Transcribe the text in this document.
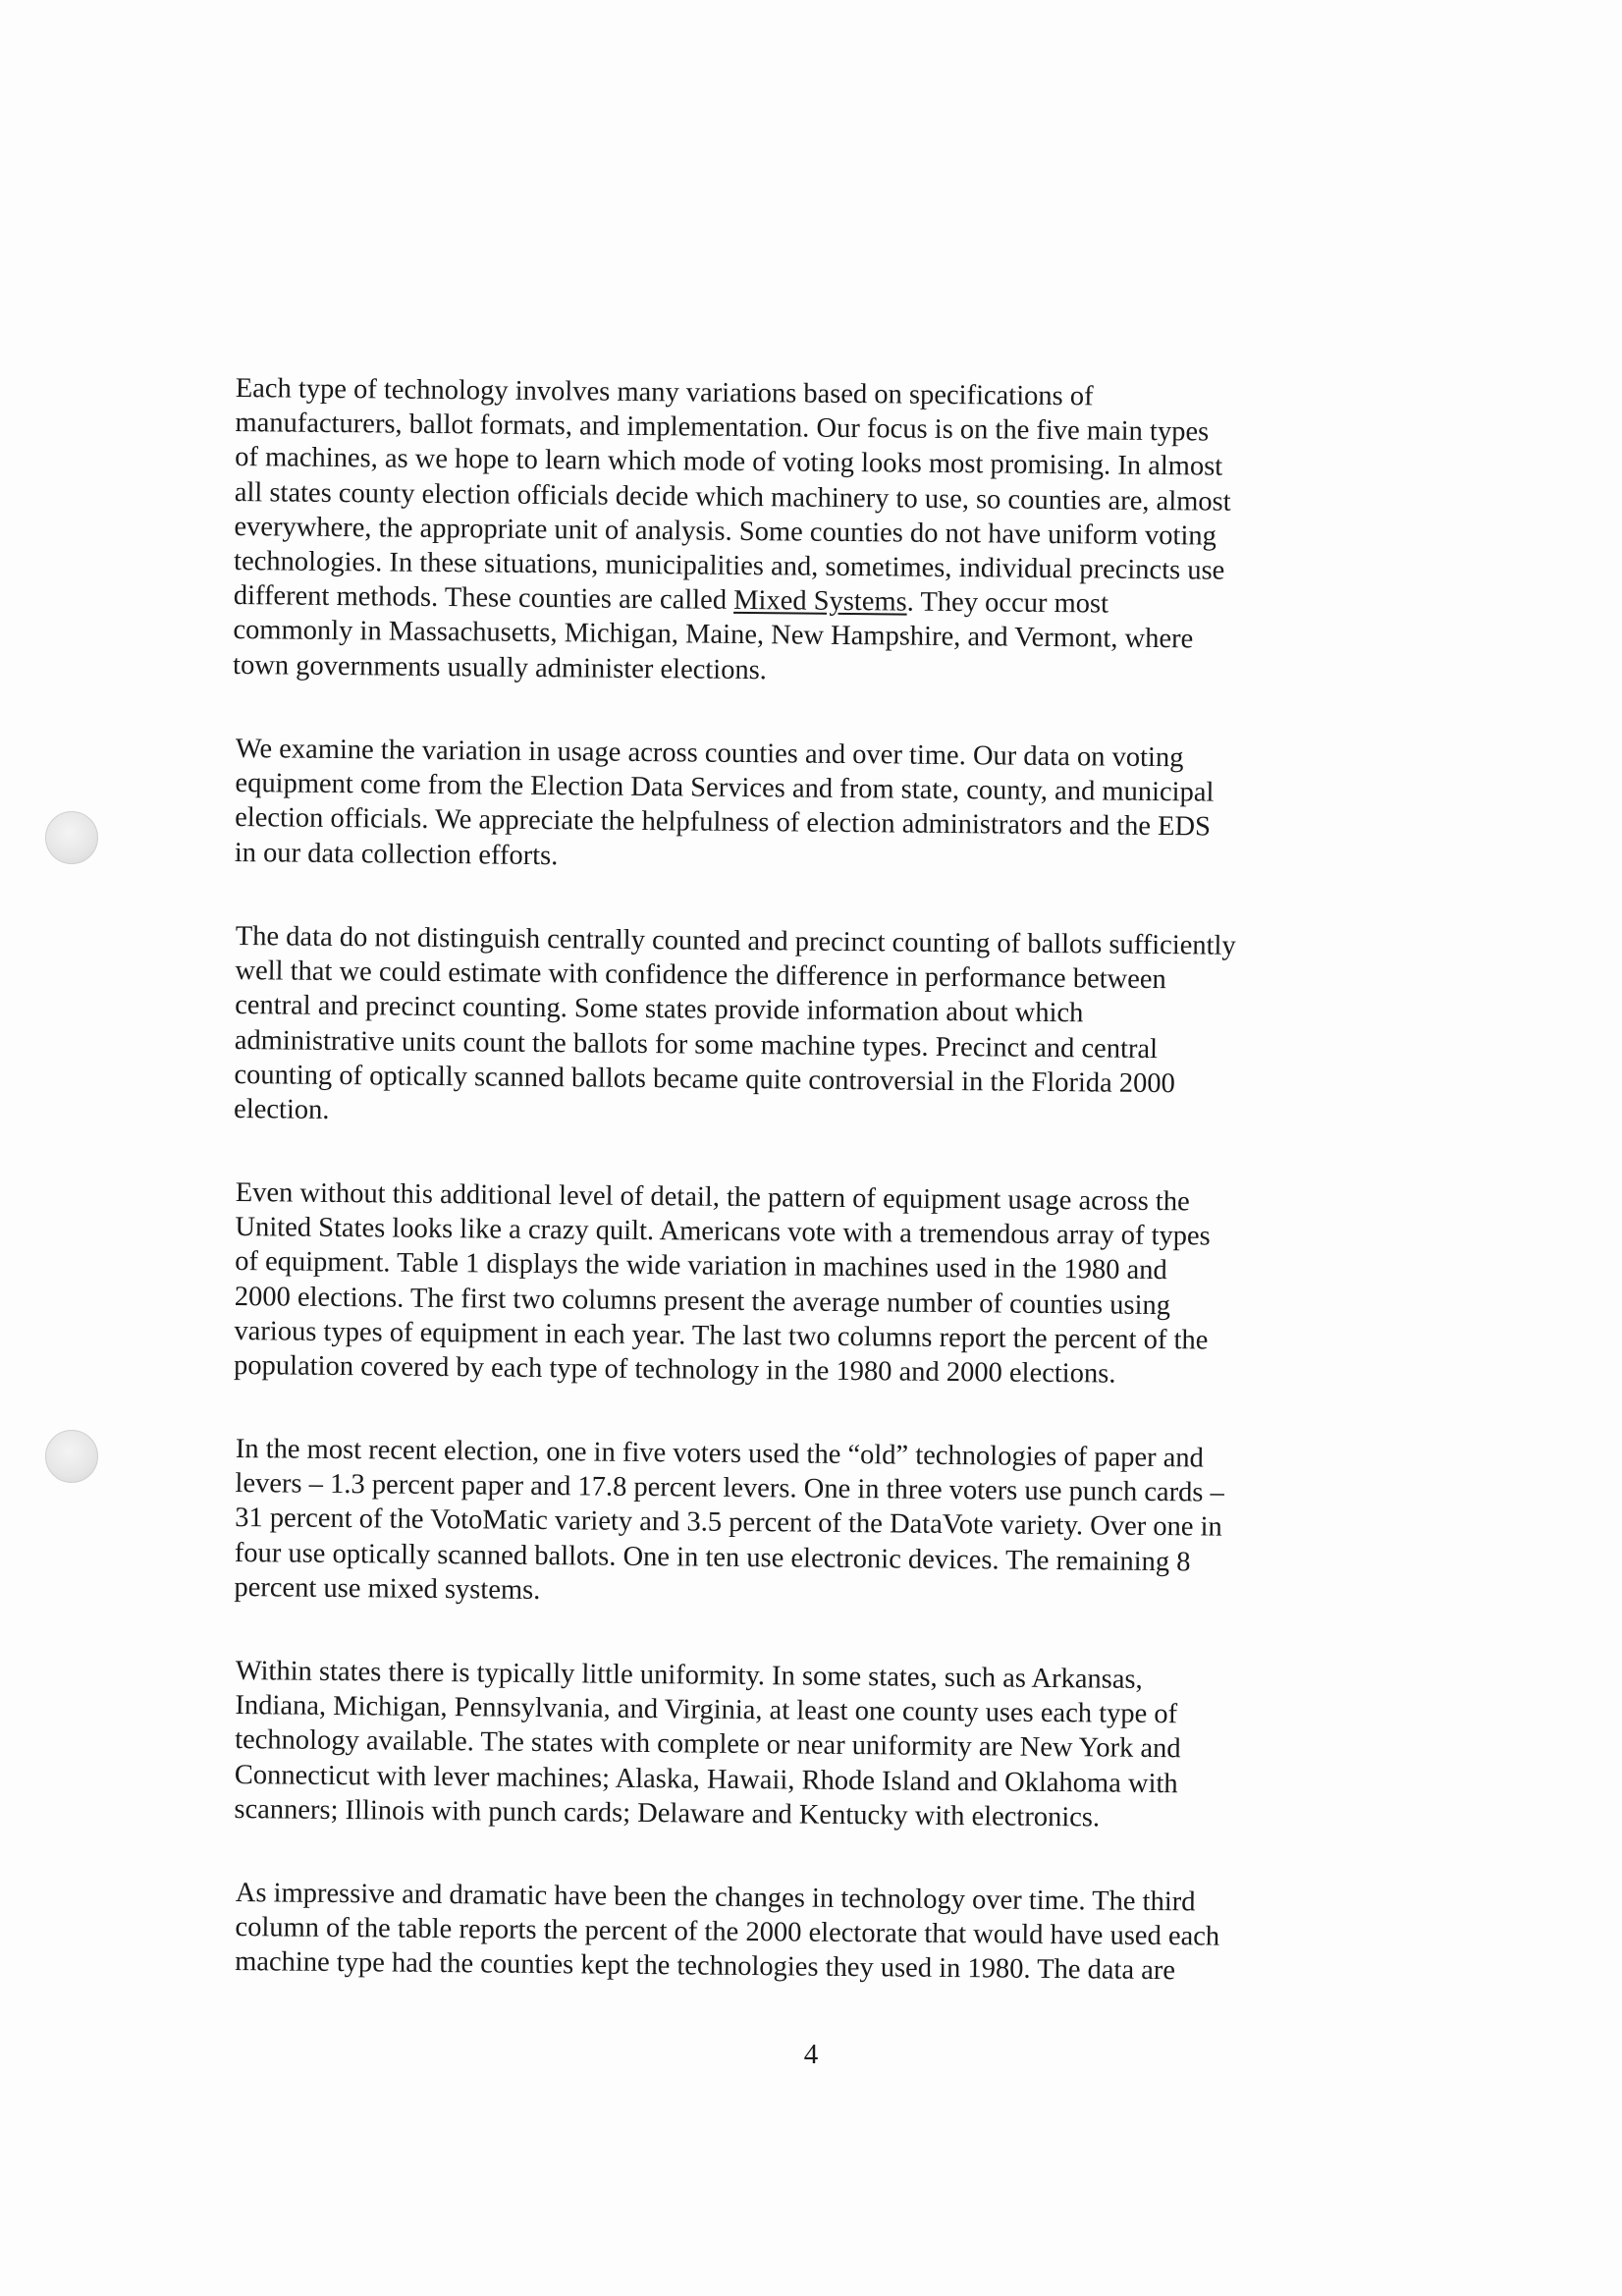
Each type of technology involves many variations based on specifications of
manufacturers, ballot formats, and implementation. Our focus is on the five main types
of machines, as we hope to learn which mode of voting looks most promising. In almost
all states county election officials decide which machinery to use, so counties are, almost
everywhere, the appropriate unit of analysis. Some counties do not have uniform voting
technologies. In these situations, municipalities and, sometimes, individual precincts use
different methods. These counties are called Mixed Systems. They occur most
commonly in Massachusetts, Michigan, Maine, New Hampshire, and Vermont, where
town governments usually administer elections.

We examine the variation in usage across counties and over time. Our data on voting
equipment come from the Election Data Services and from state, county, and municipal
election officials. We appreciate the helpfulness of election administrators and the EDS
in our data collection efforts.

The data do not distinguish centrally counted and precinct counting of ballots sufficiently
well that we could estimate with confidence the difference in performance between
central and precinct counting. Some states provide information about which
administrative units count the ballots for some machine types. Precinct and central
counting of optically scanned ballots became quite controversial in the Florida 2000
election.

Even without this additional level of detail, the pattern of equipment usage across the
United States looks like a crazy quilt. Americans vote with a tremendous array of types
of equipment. Table 1 displays the wide variation in machines used in the 1980 and
2000 elections. The first two columns present the average number of counties using
various types of equipment in each year. The last two columns report the percent of the
population covered by each type of technology in the 1980 and 2000 elections.

In the most recent election, one in five voters used the “old” technologies of paper and
levers – 1.3 percent paper and 17.8 percent levers. One in three voters use punch cards –
31 percent of the VotoMatic variety and 3.5 percent of the DataVote variety. Over one in
four use optically scanned ballots. One in ten use electronic devices. The remaining 8
percent use mixed systems.

Within states there is typically little uniformity. In some states, such as Arkansas,
Indiana, Michigan, Pennsylvania, and Virginia, at least one county uses each type of
technology available. The states with complete or near uniformity are New York and
Connecticut with lever machines; Alaska, Hawaii, Rhode Island and Oklahoma with
scanners; Illinois with punch cards; Delaware and Kentucky with electronics.

As impressive and dramatic have been the changes in technology over time. The third
column of the table reports the percent of the 2000 electorate that would have used each
machine type had the counties kept the technologies they used in 1980. The data are

4
